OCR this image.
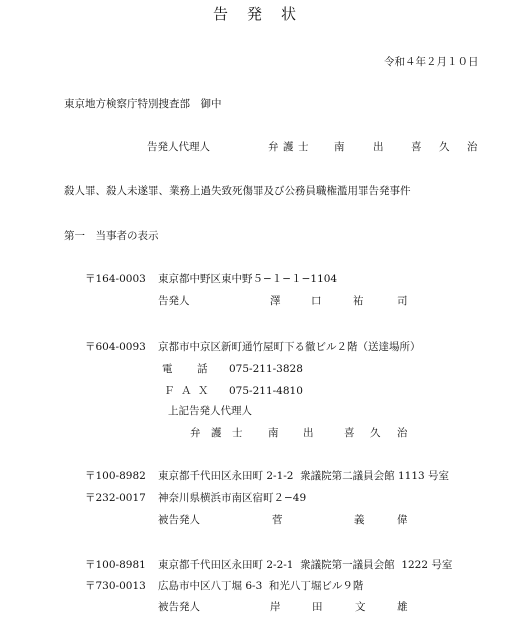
告 発 状
令和４年２月１０日
東京地方検察庁特別捜査部　御中
告発人代理人	弁 護 士 南	出	喜 久 治
殺人罪、殺人未遂罪、業務上過失致死傷罪及び公務員職権濫用罪告発事件
第一　当事者の表示
〒164-0003 東京都中野区東中野５−１−１−1104
告発人	澤	口	祐	司
〒604-0093 京都市中京区新町通竹屋町下る徹ビル２階（送達場所）
電 話 075-211-3828
Ｆ Ａ Ｘ 075-211-4810
上記告発人代理人
弁 護 士 南 出	喜 久 治
〒100-8982 東京都千代田区永田町 2-1-2  衆議院第二議員会館 1113 号室
〒232-0017 神奈川県横浜市南区宿町２−49
被告発人	菅	義	偉
〒100-8981 東京都千代田区永田町 2-2-1  衆議院第一議員会館  1222 号室
〒730-0013 広島市中区八丁堀 6-3  和光八丁堀ビル９階
被告発人	岸	田	文	雄
